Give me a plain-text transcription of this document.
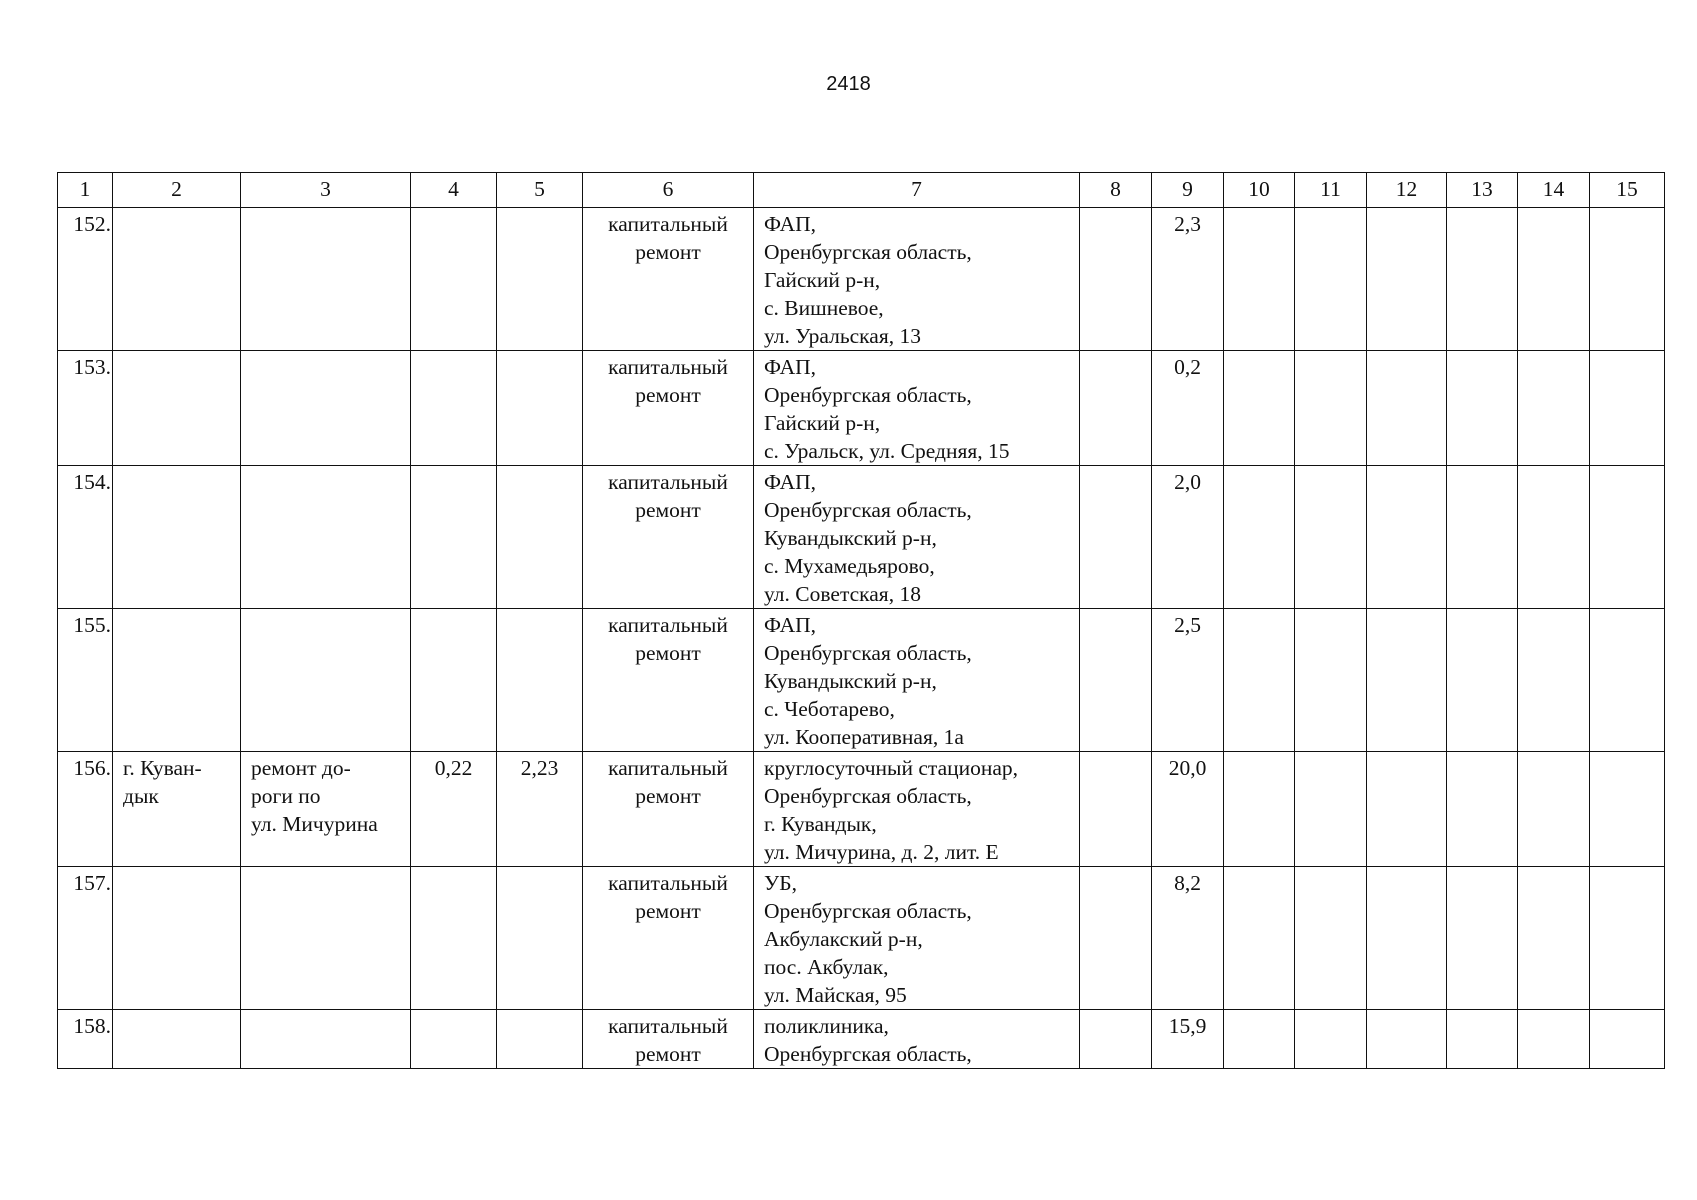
2418
1	2	3	4	5	6	7	8	9	10	11	12	13	14	15
152.					капитальный
ремонт	ФАП,
Оренбургская область,
Гайский р-н,
с. Вишневое,
ул. Уральская, 13		2,3						
153.					капитальный
ремонт	ФАП,
Оренбургская область,
Гайский р-н,
с. Уральск, ул. Средняя, 15		0,2						
154.					капитальный
ремонт	ФАП,
Оренбургская область,
Кувандыкский р-н,
с. Мухамедьярово,
ул. Советская, 18		2,0						
155.					капитальный
ремонт	ФАП,
Оренбургская область,
Кувандыкский р-н,
с. Чеботарево,
ул. Кооперативная, 1а		2,5						
156.	г. Куван-
дык	ремонт до-
роги по
ул. Мичурина	0,22	2,23	капитальный
ремонт	круглосуточный стационар,
Оренбургская область,
г. Кувандык,
ул. Мичурина, д. 2, лит. Е		20,0						
157.					капитальный
ремонт	УБ,
Оренбургская область,
Акбулакский р-н,
пос. Акбулак,
ул. Майская, 95		8,2						
158.					капитальный
ремонт	поликлиника,
Оренбургская область,		15,9						
